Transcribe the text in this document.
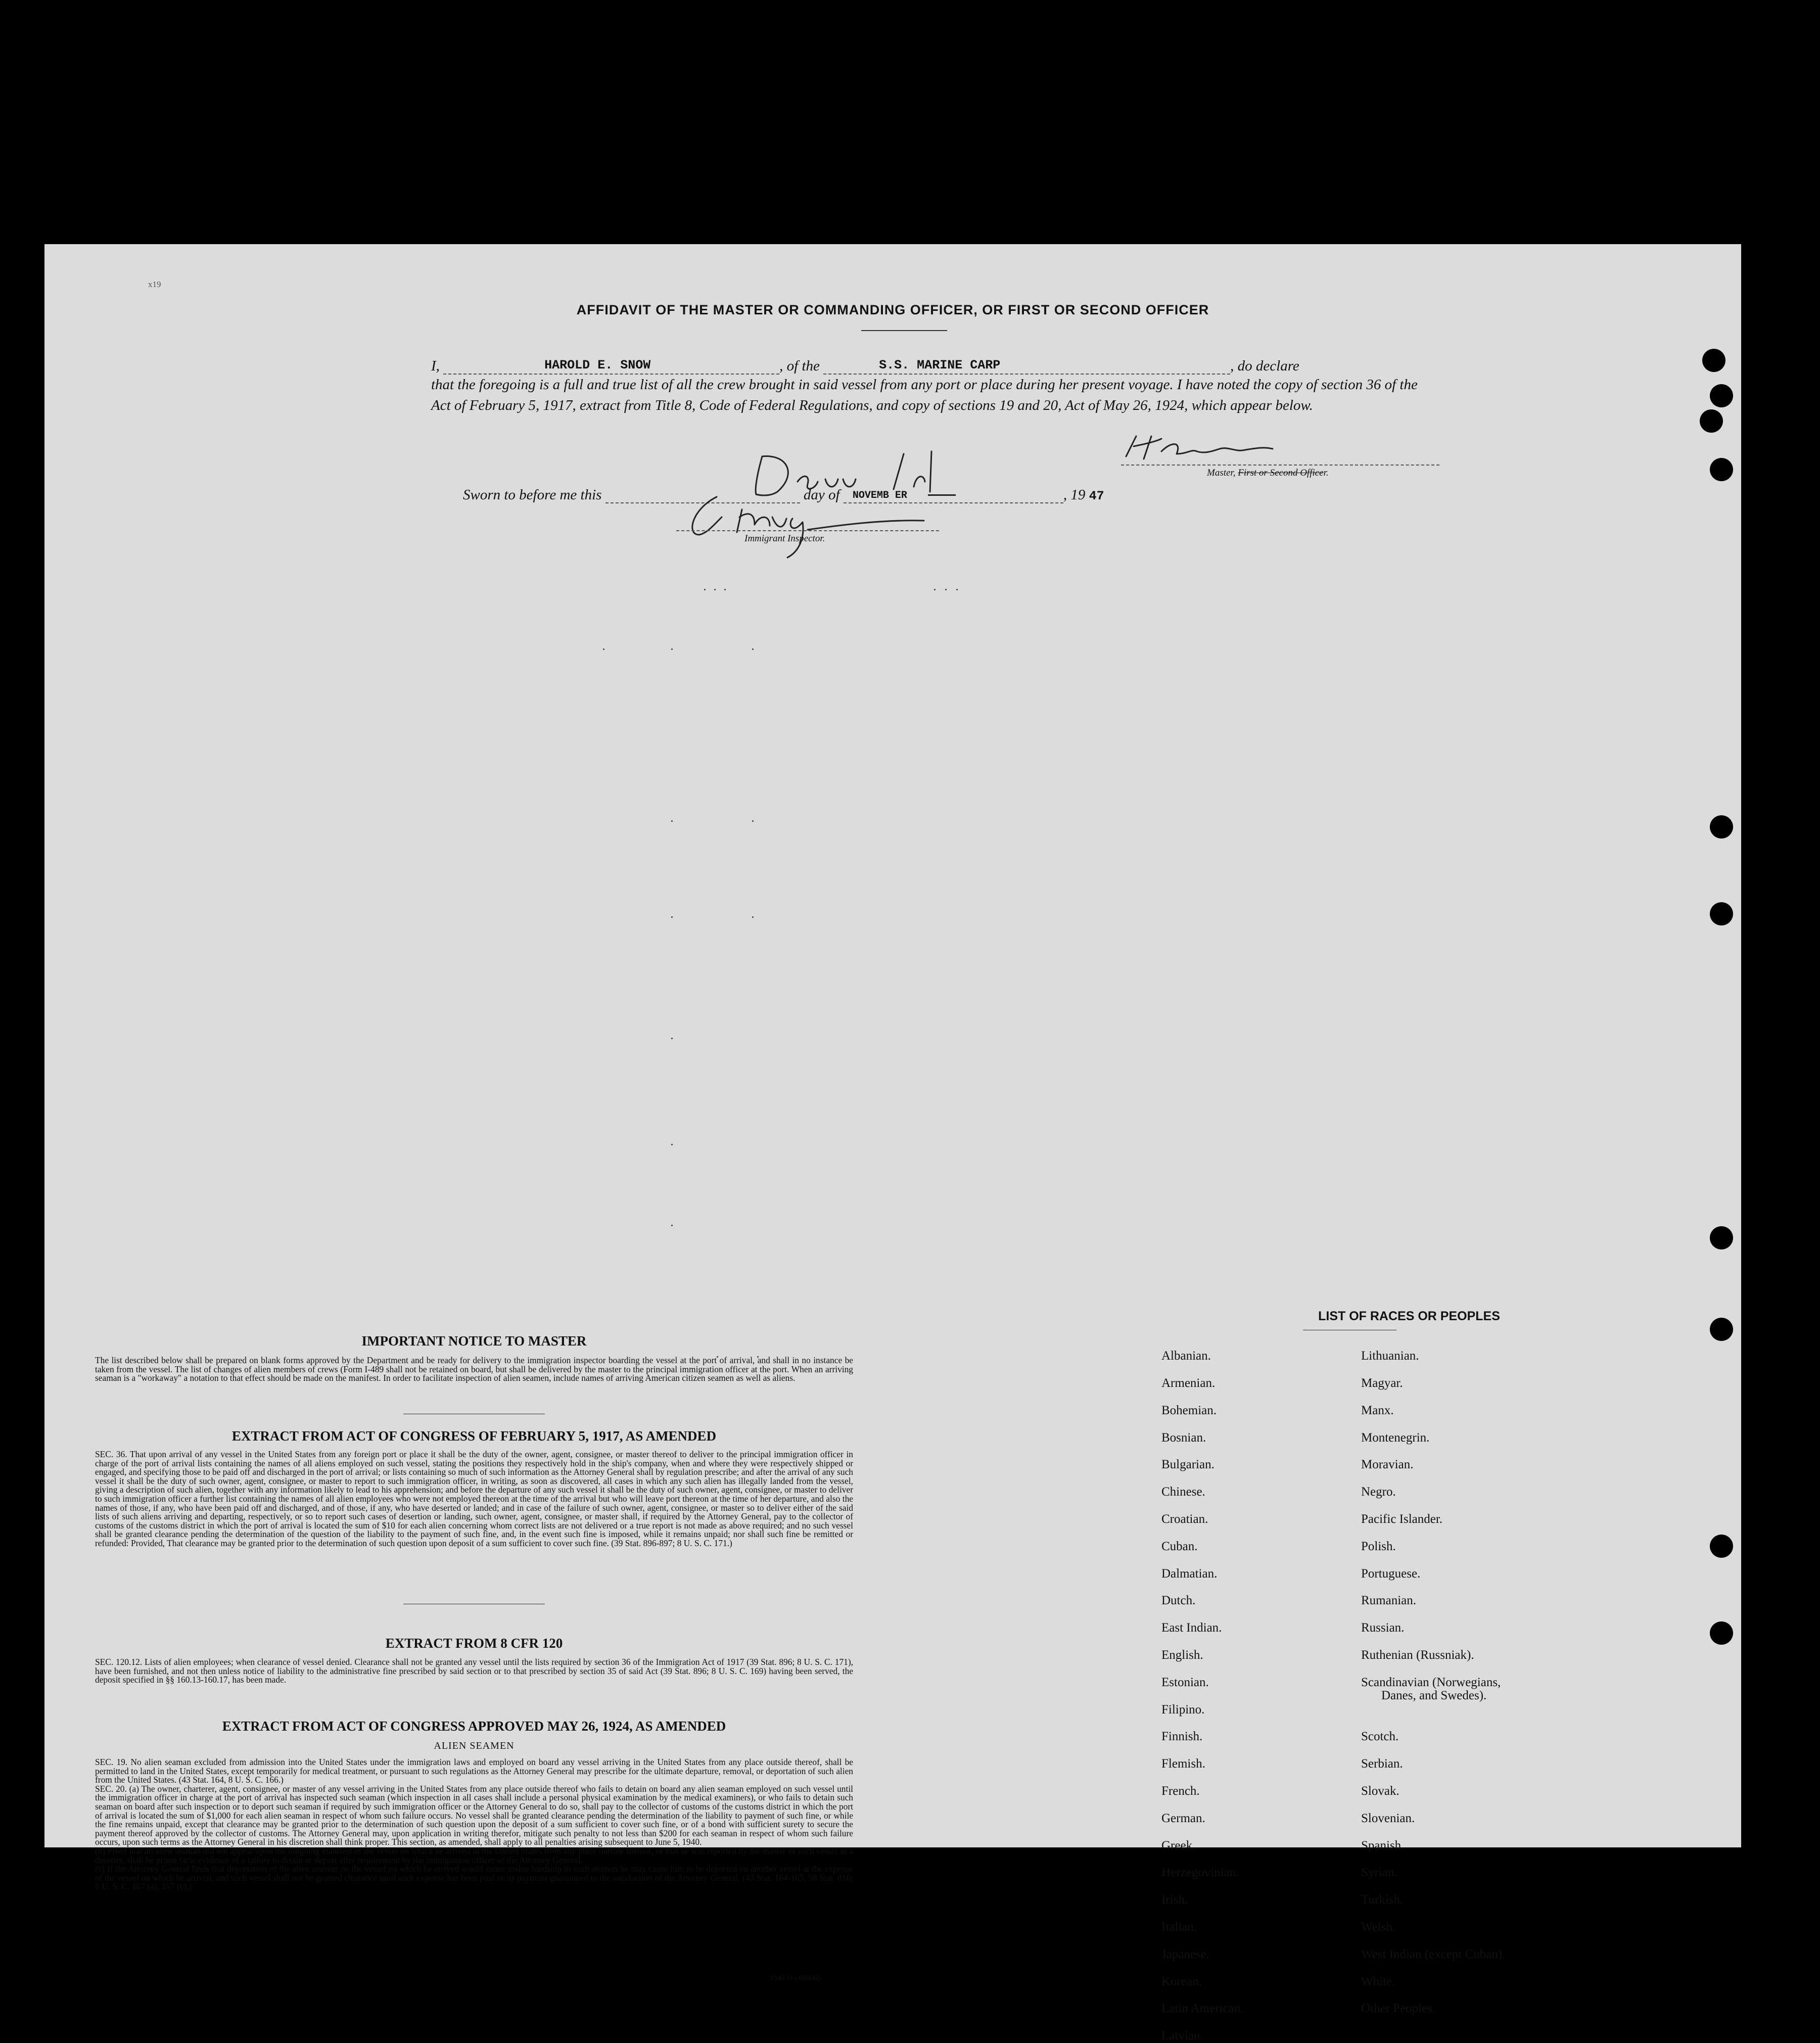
x19
AFFIDAVIT OF THE MASTER OR COMMANDING OFFICER, OR FIRST OR SECOND OFFICER
I,	HAROLD E. SNOW	, of the	S.S. MARINE CARP	, do declare
that the foregoing is a full and true list of all the crew brought in said vessel from any port or place during her present voyage. I have noted the copy of section 36 of the Act of February 5, 1917, extract from Title 8, Code of Federal Regulations, and copy of sections 19 and 20, Act of May 26, 1924, which appear below.
Master, First or Second Officer.
Sworn to before me this	day of NOVEMB ER	, 19 47
Immigrant Inspector.
IMPORTANT NOTICE TO MASTER
The list described below shall be prepared on blank forms approved by the Department and be ready for delivery to the immigration inspector boarding the vessel at the port of arrival, and shall in no instance be taken from the vessel. The list of changes of alien members of crews (Form I-489 shall not be retained on board, but shall be delivered by the master to the principal immigration officer at the port. When an arriving seaman is a "workaway" a notation to that effect should be made on the manifest. In order to facilitate inspection of alien seamen, include names of arriving American citizen seamen as well as aliens.
EXTRACT FROM ACT OF CONGRESS OF FEBRUARY 5, 1917, AS AMENDED
SEC. 36. That upon arrival of any vessel in the United States from any foreign port or place it shall be the duty of the owner, agent, consignee, or master thereof to deliver to the principal immigration officer in charge of the port of arrival lists containing the names of all aliens employed on such vessel, stating the positions they respectively hold in the ship's company, when and where they were respectively shipped or engaged, and specifying those to be paid off and discharged in the port of arrival; or lists containing so much of such information as the Attorney General shall by regulation prescribe; and after the arrival of any such vessel it shall be the duty of such owner, agent, consignee, or master to report to such immigration officer, in writing, as soon as discovered, all cases in which any such alien has illegally landed from the vessel, giving a description of such alien, together with any information likely to lead to his apprehension; and before the departure of any such vessel it shall be the duty of such owner, agent, consignee, or master to deliver to such immigration officer a further list containing the names of all alien employees who were not employed thereon at the time of the arrival but who will leave port thereon at the time of her departure, and also the names of those, if any, who have been paid off and discharged, and of those, if any, who have deserted or landed; and in case of the failure of such owner, agent, consignee, or master so to deliver either of the said lists of such aliens arriving and departing, respectively, or so to report such cases of desertion or landing, such owner, agent, consignee, or master shall, if required by the Attorney General, pay to the collector of customs of the customs district in which the port of arrival is located the sum of $10 for each alien concerning whom correct lists are not delivered or a true report is not made as above required; and no such vessel shall be granted clearance pending the determination of the question of the liability to the payment of such fine, and, in the event such fine is imposed, while it remains unpaid; nor shall such fine be remitted or refunded: Provided, That clearance may be granted prior to the determination of such question upon deposit of a sum sufficient to cover such fine. (39 Stat. 896-897; 8 U. S. C. 171.)
EXTRACT FROM 8 CFR 120
SEC. 120.12. Lists of alien employees; when clearance of vessel denied. Clearance shall not be granted any vessel until the lists required by section 36 of the Immigration Act of 1917 (39 Stat. 896; 8 U. S. C. 171), have been furnished, and not then unless notice of liability to the administrative fine prescribed by said section or to that prescribed by section 35 of said Act (39 Stat. 896; 8 U. S. C. 169) having been served, the deposit specified in §§ 160.13-160.17, has been made.
EXTRACT FROM ACT OF CONGRESS APPROVED MAY 26, 1924, AS AMENDED
ALIEN SEAMEN
SEC. 19. No alien seaman excluded from admission into the United States under the immigration laws and employed on board any vessel arriving in the United States from any place outside thereof, shall be permitted to land in the United States, except temporarily for medical treatment, or pursuant to such regulations as the Attorney General may prescribe for the ultimate departure, removal, or deportation of such alien from the United States. (43 Stat. 164, 8 U. S. C. 166.)
SEC. 20. (a) The owner, charterer, agent, consignee, or master of any vessel arriving in the United States from any place outside thereof who fails to detain on board any alien seaman employed on such vessel until the immigration officer in charge at the port of arrival has inspected such seaman (which inspection in all cases shall include a personal physical examination by the medical examiners), or who fails to detain such seaman on board after such inspection or to deport such seaman if required by such immigration officer or the Attorney General to do so, shall pay to the collector of customs of the customs district in which the port of arrival is located the sum of $1,000 for each alien seaman in respect of whom such failure occurs. No vessel shall be granted clearance pending the determination of the liability to payment of such fine, or while the fine remains unpaid, except that clearance may be granted prior to the determination of such question upon the deposit of a sum sufficient to cover such fine, or of a bond with sufficient surety to secure the payment thereof approved by the collector of customs. The Attorney General may, upon application in writing therefor, mitigate such penalty to not less than $200 for each seaman in respect of whom such failure occurs, upon such terms as the Attorney General in his discretion shall think proper. This section, as amended, shall apply to all penalties arising subsequent to June 5, 1940.
(b) Proof that an alien seaman did not appear upon the outgoing manifest of the vessel on which he arrived in the United States from any place outside thereof, or that he was reported by the master of such vessel as a deserter, shall be prima facie evidence of a failure to detain or deport after requirement by the immigration officer or the Attorney General.
(c) If the Attorney General finds that deportation of the alien seaman on the vessel on which he arrived would cause undue hardship to such seaman he may cause him to be deported on another vessel at the expense of the vessel on which he arrived, and such vessel shall not be granted clearance until such expense has been paid or its payment guaranteed to the satisfaction of the Attorney General. (43 Stat. 164-165, 58 Stat. 816; 8 U. S. C. 167 (a), 167 (c).)
1946 O - 689069
LIST OF RACES OR PEOPLES
Albanian.
Armenian.
Bohemian.
Bosnian.
Bulgarian.
Chinese.
Croatian.
Cuban.
Dalmatian.
Dutch.
East Indian.
English.
Estonian.
Filipino.
Finnish.
Flemish.
French.
German.
Greek.
Herzegovinian.
Irish.
Italian.
Japanese.
Korean.
Latin American.
Latvian.
Lithuanian.
Magyar.
Manx.
Montenegrin.
Moravian.
Negro.
Pacific Islander.
Polish.
Portuguese.
Rumanian.
Russian.
Ruthenian (Russniak).
Scandinavian (Norwegians,
Danes, and Swedes).
Scotch.
Serbian.
Slovak.
Slovenian.
Spanish.
Syrian.
Turkish.
Welsh.
West Indian (except Cuban).
White.
Other Peoples.
